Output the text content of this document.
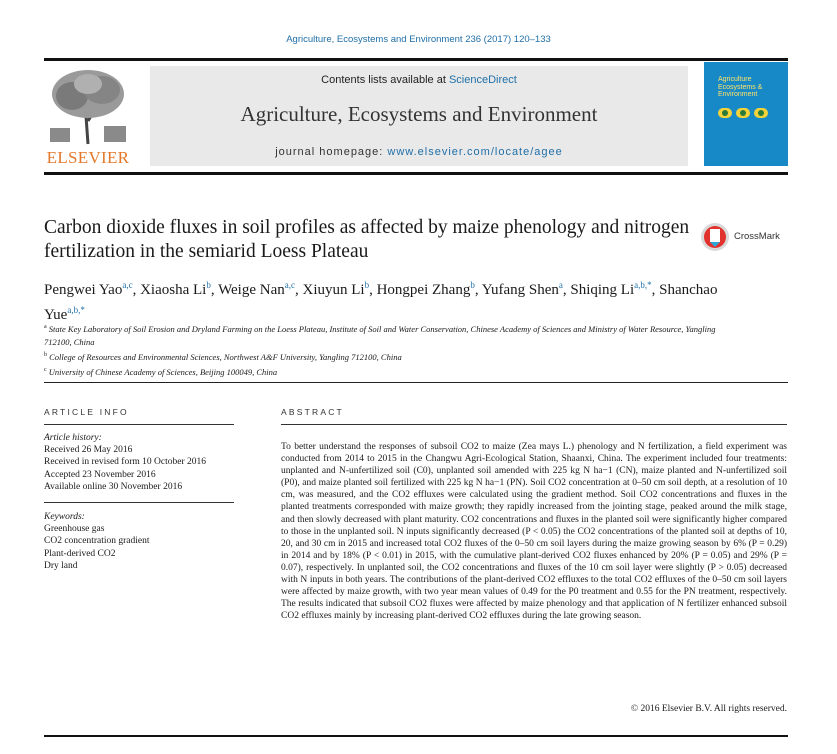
Agriculture, Ecosystems and Environment 236 (2017) 120–133
ELSEVIER
Contents lists available at ScienceDirect
Agriculture, Ecosystems and Environment
journal homepage: www.elsevier.com/locate/agee
Agriculture Ecosystems & Environment
Carbon dioxide fluxes in soil profiles as affected by maize phenology and nitrogen fertilization in the semiarid Loess Plateau
CrossMark
Pengwei Yao$^{a,c}$, Xiaosha Li$^b$, Weige Nan$^{a,c}$, Xiuyun Li$^b$, Hongpei Zhang$^b$, Yufang Shen$^a$, Shiqing $Li^{a,b,*}$, Shanchao Yue$^{a,b,*}$
$^a$ State Key Laboratory of Soil Erosion and Dryland Farming on the Loess Plateau, Institute of Soil and Water Conservation, Chinese Academy of Sciences and Ministry of Water Resource, Yangling 712100, China
$^b$ College of Resources and Environmental Sciences, Northwest A&F University, Yangling 712100, China
$^c$ University of Chinese Academy of Sciences, Beijing 100049, China
ARTICLE INFO
Article history:
Received 26 May 2016
Received in revised form 10 October 2016
Accepted 23 November 2016
Available online 30 November 2016
Keywords:
Greenhouse gas
CO2 concentration gradient
Plant-derived CO2
Dry land
ABSTRACT
To better understand the responses of subsoil CO2 to maize (Zea mays L.) phenology and N fertilization, a field experiment was conducted from 2014 to 2015 in the Changwu Agri-Ecological Station, Shaanxi, China. The experiment included four treatments: unplanted and N-unfertilized soil (C0), unplanted soil amended with 225 kg N ha−1 (CN), maize planted and N-unfertilized soil (P0), and maize planted soil fertilized with 225 kg N ha−1 (PN). Soil CO2 concentration at 0–50 cm soil depth, at a resolution of 10 cm, was measured, and the CO2 effluxes were calculated using the gradient method. Soil CO2 concentrations and fluxes in the planted treatments corresponded with maize growth; they rapidly increased from the jointing stage, peaked around the milk stage, and then slowly decreased with plant maturity. CO2 concentrations and fluxes in the planted soil were significantly higher compared to those in the unplanted soil. N inputs significantly decreased (P < 0.05) the CO2 concentrations of the planted soil at depths of 10, 20, and 30 cm in 2015 and increased total CO2 fluxes of the 0–50 cm soil layers during the maize growing season by 6% (P = 0.29) in 2014 and by 18% (P < 0.01) in 2015, with the cumulative plant-derived CO2 fluxes enhanced by 20% (P = 0.05) and 29% (P = 0.07), respectively. In unplanted soil, the CO2 concentrations and fluxes of the 10 cm soil layer were slightly (P > 0.05) decreased with N inputs in both years. The contributions of the plant-derived CO2 effluxes to the total CO2 effluxes of the 0–50 cm soil layers were affected by maize growth, with two year mean values of 0.49 for the P0 treatment and 0.55 for the PN treatment, respectively. The results indicated that subsoil CO2 fluxes were affected by maize phenology and that application of N fertilizer enhanced subsoil CO2 effluxes mainly by increasing plant-derived CO2 effluxes during the late growing season.
© 2016 Elsevier B.V. All rights reserved.
